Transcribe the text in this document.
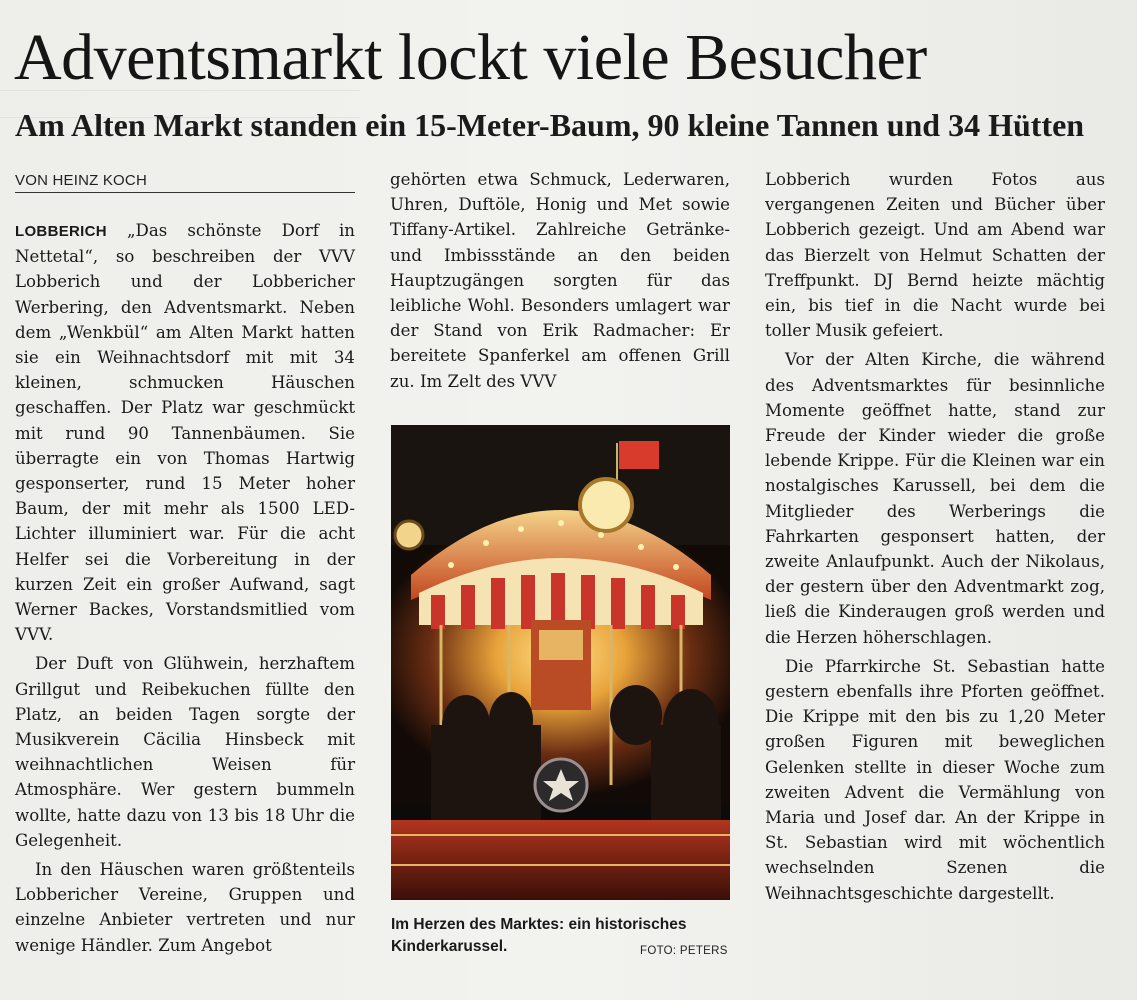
Adventsmarkt lockt viele Besucher
Am Alten Markt standen ein 15-Meter-Baum, 90 kleine Tannen und 34 Hütten
VON HEINZ KOCH

LOBBERICH „Das schönste Dorf in Nettetal“, so beschreiben der VVV Lobberich und der Lobbericher Werbering, den Adventsmarkt. Neben dem „Wenkbül“ am Alten Markt hatten sie ein Weihnachtsdorf mit mit 34 kleinen, schmucken Häuschen geschaffen. Der Platz war geschmückt mit rund 90 Tannenbäumen. Sie überragte ein von Thomas Hartwig gesponserter, rund 15 Meter hoher Baum, der mit mehr als 1500 LED-Lichter illuminiert war. Für die acht Helfer sei die Vorbereitung in der kurzen Zeit ein großer Aufwand, sagt Werner Backes, Vorstandsmitlied vom VVV.

Der Duft von Glühwein, herzhaftem Grillgut und Reibekuchen füllte den Platz, an beiden Tagen sorgte der Musikverein Cäcilia Hinsbeck mit weihnachtlichen Weisen für Atmosphäre. Wer gestern bummeln wollte, hatte dazu von 13 bis 18 Uhr die Gelegenheit.

In den Häuschen waren größtenteils Lobbericher Vereine, Gruppen und einzelne Anbieter vertreten und nur wenige Händler. Zum Angebot

gehörten etwa Schmuck, Lederwaren, Uhren, Duftöle, Honig und Met sowie Tiffany-Artikel. Zahlreiche Getränke- und Imbissstände an den beiden Hauptzugängen sorgten für das leibliche Wohl. Besonders umlagert war der Stand von Erik Radmacher: Er bereitete Spanferkel am offenen Grill zu. Im Zelt des VVV

Im Herzen des Marktes: ein historisches Kinderkarussel.	FOTO: PETERS

Lobberich wurden Fotos aus vergangenen Zeiten und Bücher über Lobberich gezeigt. Und am Abend war das Bierzelt von Helmut Schatten der Treffpunkt. DJ Bernd heizte mächtig ein, bis tief in die Nacht wurde bei toller Musik gefeiert.

Vor der Alten Kirche, die während des Adventsmarktes für besinnliche Momente geöffnet hatte, stand zur Freude der Kinder wieder die große lebende Krippe. Für die Kleinen war ein nostalgisches Karussell, bei dem die Mitglieder des Werberings die Fahrkarten gesponsert hatten, der zweite Anlaufpunkt. Auch der Nikolaus, der gestern über den Adventmarkt zog, ließ die Kinderaugen groß werden und die Herzen höherschlagen.

Die Pfarrkirche St. Sebastian hatte gestern ebenfalls ihre Pforten geöffnet. Die Krippe mit den bis zu 1,20 Meter großen Figuren mit beweglichen Gelenken stellte in dieser Woche zum zweiten Advent die Vermählung von Maria und Josef dar. An der Krippe in St. Sebastian wird mit wöchentlich wechselnden Szenen die Weihnachtsgeschichte dargestellt.
